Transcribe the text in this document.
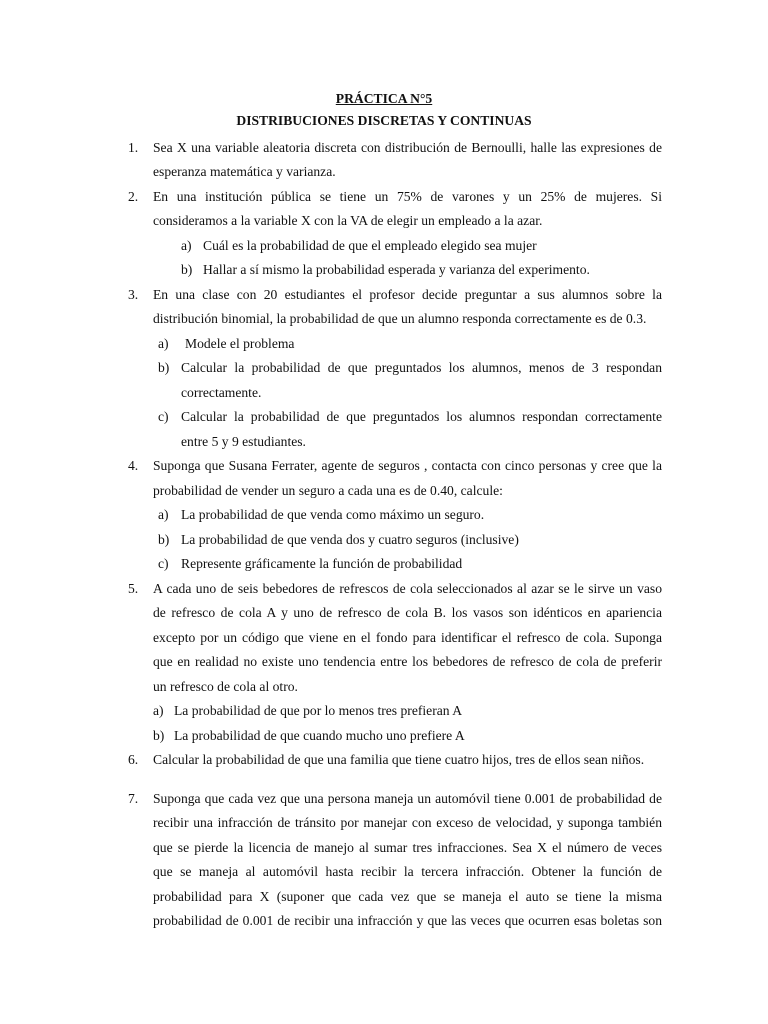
PRÁCTICA N°5
DISTRIBUCIONES DISCRETAS Y CONTINUAS
1.	Sea X una variable aleatoria discreta con distribución de Bernoulli, halle las expresiones de
esperanza matemática y varianza.
2.	En una institución pública se tiene un 75% de varones y un 25% de mujeres. Si
consideramos a la variable X con la VA de elegir un empleado a la azar.
a) Cuál es la probabilidad de que el empleado elegido sea mujer
b) Hallar a sí mismo la probabilidad esperada y varianza del experimento.
3.	En una clase con 20 estudiantes el profesor decide preguntar a sus alumnos sobre la
distribución binomial, la probabilidad de que un alumno responda correctamente es de 0.3.
a)	Modele el problema
b) Calcular la probabilidad de que preguntados los alumnos, menos de 3 respondan
correctamente.
c) Calcular la probabilidad de que preguntados los alumnos respondan correctamente
entre 5 y 9 estudiantes.
4.	Suponga que Susana Ferrater, agente de seguros , contacta con cinco personas y cree que la
probabilidad de vender un seguro a cada una es de 0.40, calcule:
a) La probabilidad de que venda como máximo un seguro.
b) La probabilidad de que venda dos y cuatro seguros (inclusive)
c) Represente gráficamente la función de probabilidad
5.	A cada uno de seis bebedores de refrescos de cola seleccionados al azar se le sirve un vaso
de refresco de cola A y uno de refresco de cola B. los vasos son idénticos en apariencia
excepto por un código que viene en el fondo para identificar el refresco de cola. Suponga
que en realidad no existe uno tendencia entre los bebedores de refresco de cola de preferir
un refresco de cola al otro.
a) La probabilidad de que por lo menos tres prefieran A
b) La probabilidad de que cuando mucho uno prefiere A
6.	Calcular la probabilidad de que una familia que tiene cuatro hijos, tres de ellos sean niños.
7.	Suponga que cada vez que una persona maneja un automóvil tiene 0.001 de probabilidad de
recibir una infracción de tránsito por manejar con exceso de velocidad, y suponga también
que se pierde la licencia de manejo al sumar tres infracciones. Sea X el número de veces
que se maneja al automóvil hasta recibir la tercera infracción. Obtener la función de
probabilidad para X (suponer que cada vez que se maneja el auto se tiene la misma
probabilidad de 0.001 de recibir una infracción y que las veces que ocurren esas boletas son
